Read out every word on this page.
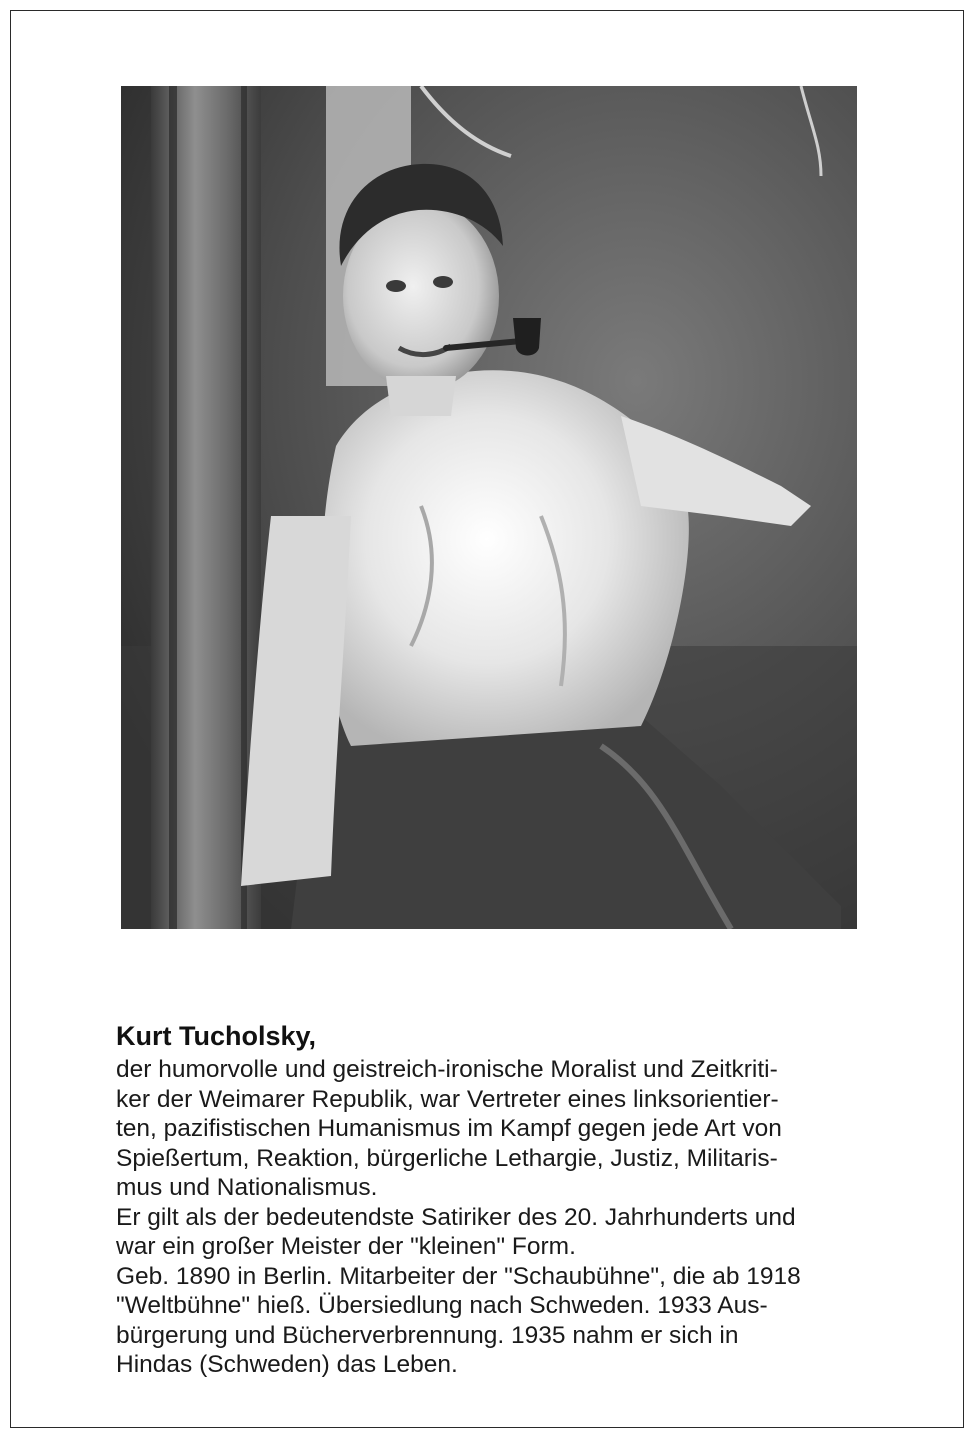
Kurt Tucholsky,
der humorvolle und geistreich-ironische Moralist und Zeitkriti-
ker der Weimarer Republik, war Vertreter eines linksorientier-
ten, pazifistischen Humanismus im Kampf gegen jede Art von
Spießertum, Reaktion, bürgerliche Lethargie, Justiz, Militaris-
mus und Nationalismus.
Er gilt als der bedeutendste Satiriker des 20. Jahrhunderts und
war ein großer Meister der "kleinen" Form.
Geb. 1890 in Berlin. Mitarbeiter der "Schaubühne", die ab 1918
"Weltbühne" hieß. Übersiedlung nach Schweden. 1933 Aus-
bürgerung und Bücherverbrennung. 1935 nahm er sich in
Hindas (Schweden) das Leben.
